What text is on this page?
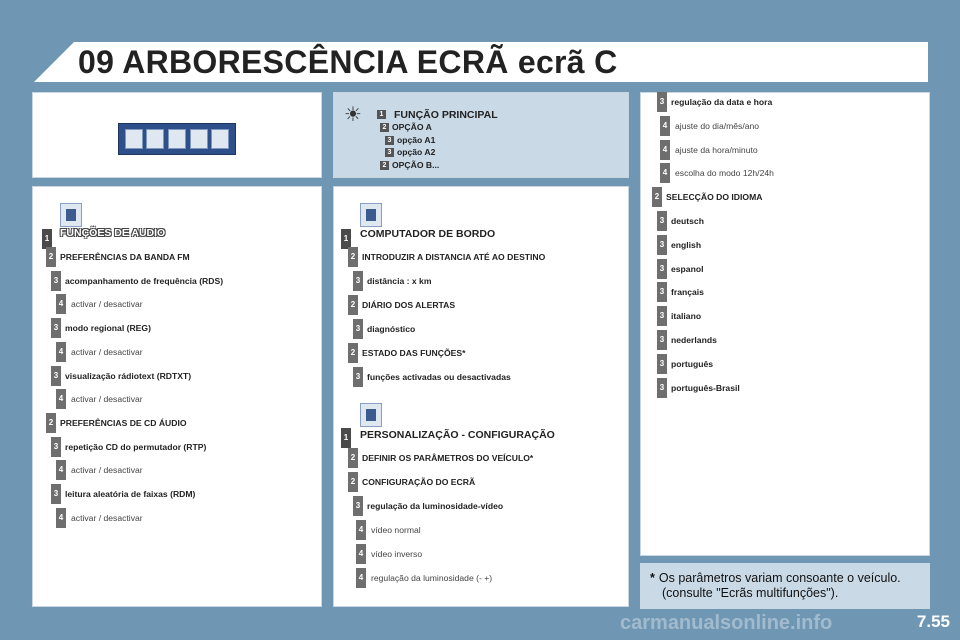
09 ARBORESCÊNCIA ECRÃ ecrã C
☀	1 FUNÇÃO PRINCIPAL
2 OPÇÃO A
3 opção A1
3 opção A2
2 OPÇÃO B...
1 FUNÇÕES DE AUDIO
2 PREFERÊNCIAS DA BANDA FM
3 acompanhamento de frequência (RDS)
4 activar / desactivar
3 modo regional (REG)
4 activar / desactivar
3 visualização rádiotext (RDTXT)
4 activar / desactivar
2 PREFERÊNCIAS DE CD ÁUDIO
3 repetição CD do permutador (RTP)
4 activar / desactivar
3 leitura aleatória de faixas (RDM)
4 activar / desactivar
1 COMPUTADOR DE BORDO
2 INTRODUZIR A DISTANCIA ATÉ AO DESTINO
3 distância : x km
2 DIÁRIO DOS ALERTAS
3 diagnóstico
2 ESTADO DAS FUNÇÕES*
3 funções activadas ou desactivadas
1 PERSONALIZAÇÃO - CONFIGURAÇÃO
2 DEFINIR OS PARÂMETROS DO VEÍCULO*
2 CONFIGURAÇÃO DO ECRÃ
3 regulação da luminosidade-vídeo
4 vídeo normal
4 vídeo inverso
4 regulação da luminosidade (- +)
3 regulação da data e hora
4 ajuste do dia/mês/ano
4 ajuste da hora/minuto
4 escolha do modo 12h/24h
2 SELECÇÃO DO IDIOMA
3 deutsch
3 english
3 espanol
3 français
3 italiano
3 nederlands
3 português
3 português-Brasil
* Os parâmetros variam consoante o veículo.
(consulte "Ecrãs multifunções").
carmanualsonline.info	7.55
